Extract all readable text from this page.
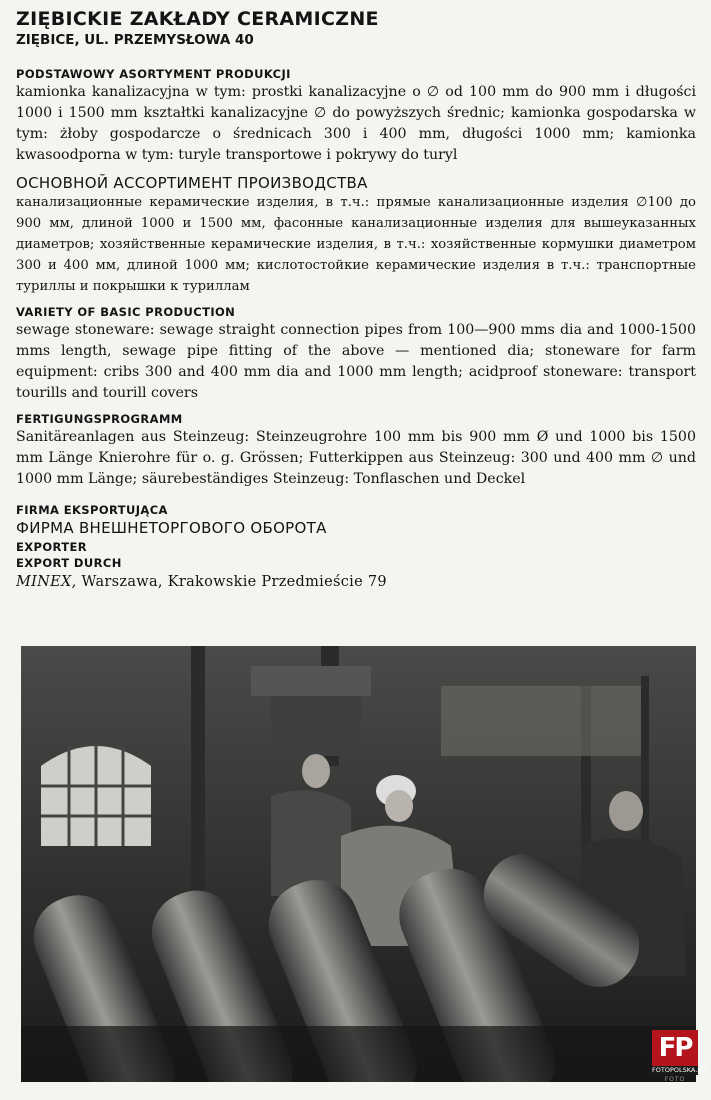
ZIĘBICKIE ZAKŁADY CERAMICZNE
ZIĘBICE, UL. PRZEMYSŁOWA 40
PODSTAWOWY ASORTYMENT PRODUKCJI
kamionka kanalizacyjna w tym: prostki kanalizacyjne o ∅ od 100 mm do 900 mm i długości 1000 i 1500 mm kształtki kanalizacyjne ∅ do powyższych średnic; kamionka gospodarska w tym: żłoby gospodarcze o średnicach 300 i 400 mm, długości 1000 mm; kamionka kwasoodporna w tym: turyle transportowe i pokrywy do turyl
ОСНОВНОЙ АССОРТИМЕНТ ПРОИЗВОДСТВА
канализационные керамические изделия, в т.ч.: прямые канализационные изделия ∅100 до 900 мм, длиной 1000 и 1500 мм, фасонные канализационные изделия для вышеуказанных диаметров; хозяйственные керамические изделия, в т.ч.: хозяйственные кормушки диаметром 300 и 400 мм, длиной 1000 мм; кислотостойкие керамические изделия в т.ч.: транспортные туриллы и покрышки к туриллам
VARIETY OF BASIC PRODUCTION
sewage stoneware: sewage straight connection pipes from 100—900 mms dia and 1000-1500 mms length, sewage pipe fitting of the above — mentioned dia; stoneware for farm equipment: cribs 300 and 400 mm dia and 1000 mm length; acidproof stoneware: transport tourills and tourill covers
FERTIGUNGSPROGRAMM
Sanitäreanlagen aus Steinzeug: Steinzeugrohre 100 mm bis 900 mm Ø und 1000 bis 1500 mm Länge Knierohre für o. g. Grössen; Futterkippen aus Steinzeug: 300 und 400 mm ∅ und 1000 mm Länge; säurebeständiges Steinzeug: Tonflaschen und Deckel
FIRMA EKSPORTUJĄCA
ФИРМА ВНЕШНЕТОРГОВОГО ОБОРОТА
EXPORTER
EXPORT DURCH
MINEX, Warszawa, Krakowskie Przedmieście 79
FP
FOTOPOLSKA.EU
FOTO
